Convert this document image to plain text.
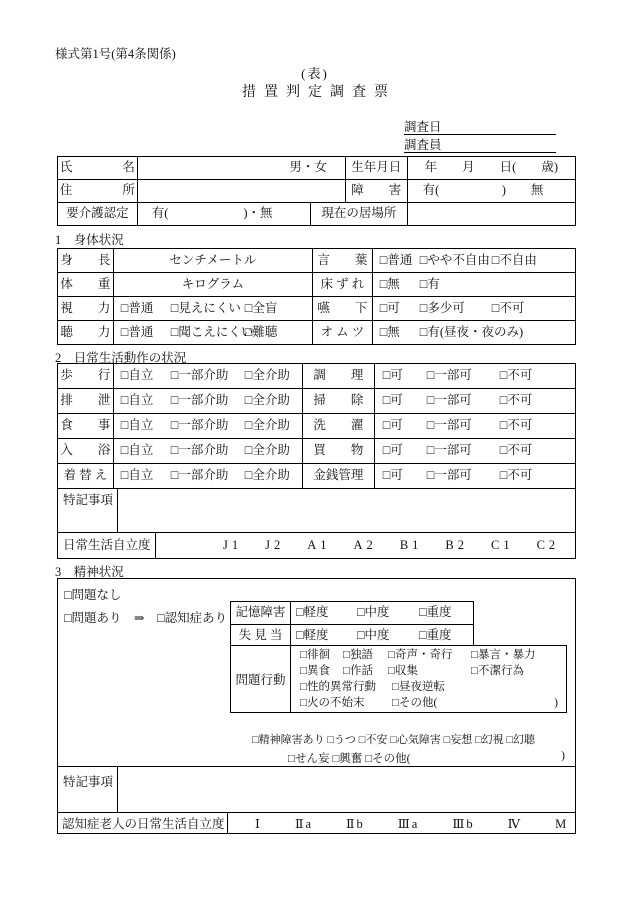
様式第1号(第4条関係)
(表)
措置判定調査票
調査日
調査員
氏　　　　名	男・女	生年月日	年　　月　　日(　　歳)
住　　　　所	障　　害	有(　　　　　)　　無
要介護認定	有(　　　　　　)・無	現在の居場所
1　身体状況
身　　長	センチメートル	言　　葉 □普通 □やや不自由 □不自由
体　　重	キログラム	床 ず れ	□無 □有
視　　力 □普通 □見えにくい □全盲	嚥　　下 □可 □多少可 □不可
聴　　力 □普通 □聞こえにくい□難聴	オ ム ツ	□無 □有(昼夜・夜のみ)
2　日常生活動作の状況
歩　　行 □自立 □一部介助 □全介助	調　　理	□可 □一部可 □不可
排　　泄 □自立 □一部介助 □全介助	掃　　除	□可 □一部可 □不可
食　　事 □自立 □一部介助 □全介助	洗　　濯	□可 □一部可 □不可
入　　浴 □自立 □一部介助 □全介助	買　　物	□可 □一部可 □不可
着 替 え	□自立 □一部介助 □全介助	金銭管理	□可 □一部可 □不可
特記事項
日常生活自立度	J1 J2 A1 A2 B1 B2 C1 C2
3　精神状況
□問題なし
□問題あり　⇒　□認知症あり 記憶障害 □軽度 □中度 □重度
失 見 当	□軽度 □中度 □重度
問題行動
□徘徊 □独語 □奇声・奇行 □暴言・暴力
□異食 □作話 □収集	□不潔行為
□性的異常行動 □昼夜逆転
□火の不始末	□その他(	)
□精神障害あり □うつ □不安 □心気障害 □妄想 □幻視 □幻聴
□せん妄 □興奮 □その他(	)
特記事項
認知症老人の日常生活自立度 Ⅰ	Ⅱa	Ⅱb	Ⅲa	Ⅲb	Ⅳ	M
